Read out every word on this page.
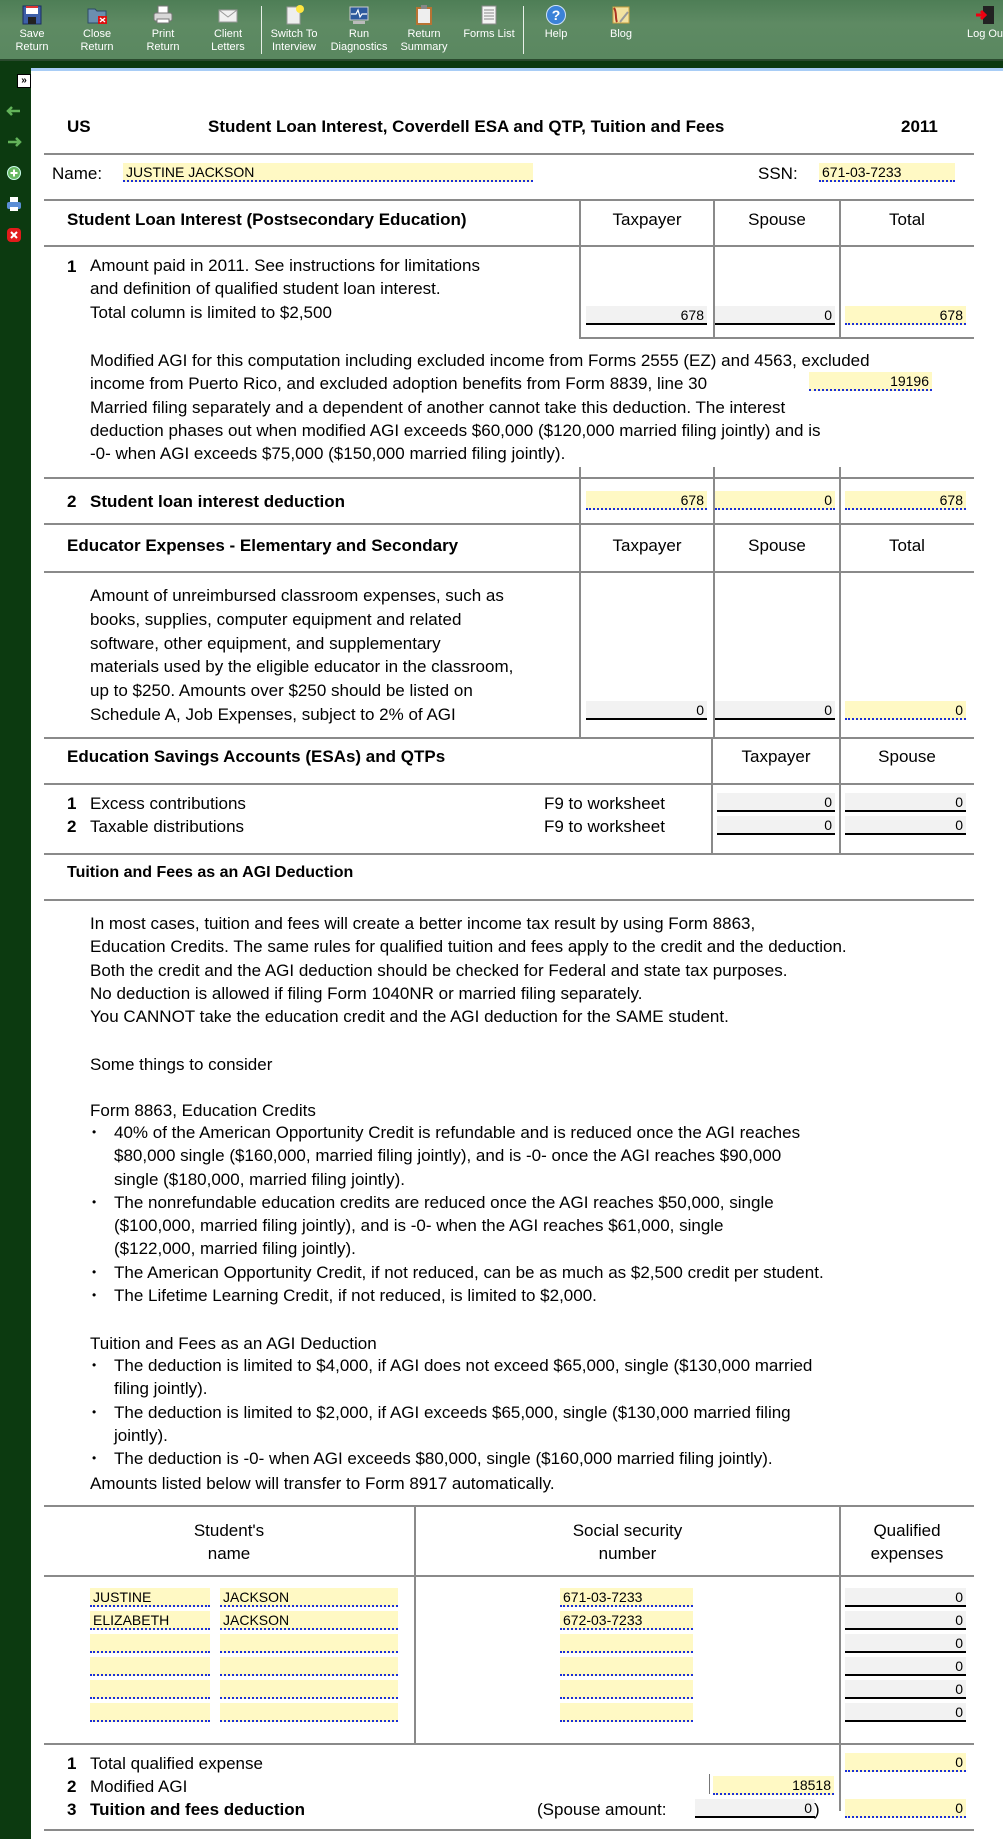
Save
Return
Close
Return
Print
Return
Client
Letters
Switch To
Interview
Run
Diagnostics
Return
Summary
Forms List
?
Help	Blog	Log Ou
»
US	Student Loan Interest, Coverdell ESA and QTP, Tuition and Fees	2011
Name: JUSTINE JACKSON	SSN: 671-03-7233
Student Loan Interest (Postsecondary Education)	Taxpayer	Spouse	Total
1 Amount paid in 2011. See instructions for limitations
and definition of qualified student loan interest.
Total column is limited to $2,500	678	0	678
Modified AGI for this computation including excluded income from Forms 2555 (EZ) and 4563, excluded
income from Puerto Rico, and excluded adoption benefits from Form 8839, line 30
Married filing separately and a dependent of another cannot take this deduction. The interest
deduction phases out when modified AGI exceeds $60,000 ($120,000 married filing jointly) and is
-0- when AGI exceeds $75,000 ($150,000 married filing jointly).
19196
2 Student loan interest deduction	678	0	678
Educator Expenses - Elementary and Secondary	Taxpayer	Spouse	Total
Amount of unreimbursed classroom expenses, such as
books, supplies, computer equipment and related
software, other equipment, and supplementary
materials used by the eligible educator in the classroom,
up to $250. Amounts over $250 should be listed on
Schedule A, Job Expenses, subject to 2% of AGI	0	0	0
Education Savings Accounts (ESAs) and QTPs	Taxpayer	Spouse
1 Excess contributions	F9 to worksheet	0	0
2 Taxable distributions	F9 to worksheet	0	0
Tuition and Fees as an AGI Deduction
In most cases, tuition and fees will create a better income tax result by using Form 8863,
Education Credits. The same rules for qualified tuition and fees apply to the credit and the deduction.
Both the credit and the AGI deduction should be checked for Federal and state tax purposes.
No deduction is allowed if filing Form 1040NR or married filing separately.
You CANNOT take the education credit and the AGI deduction for the SAME student.
Some things to consider
Form 8863, Education Credits
• 40% of the American Opportunity Credit is refundable and is reduced once the AGI reaches
$80,000 single ($160,000, married filing jointly), and is -0- once the AGI reaches $90,000
single ($180,000, married filing jointly).
• The nonrefundable education credits are reduced once the AGI reaches $50,000, single
($100,000, married filing jointly), and is -0- when the AGI reaches $61,000, single
($122,000, married filing jointly).
• The American Opportunity Credit, if not reduced, can be as much as $2,500 credit per student.
• The Lifetime Learning Credit, if not reduced, is limited to $2,000.
Tuition and Fees as an AGI Deduction
• The deduction is limited to $4,000, if AGI does not exceed $65,000, single ($130,000 married
filing jointly).
• The deduction is limited to $2,000, if AGI exceeds $65,000, single ($130,000 married filing
jointly).
• The deduction is -0- when AGI exceeds $80,000, single ($160,000 married filing jointly).
Amounts listed below will transfer to Form 8917 automatically.
Student's
name
Social security
number
Qualified
expenses
JUSTINE	JACKSON	671-03-7233	0
ELIZABETH	JACKSON	672-03-7233	0
0
0
0
0
1 Total qualified expense	0
2 Modified AGI	18518
3 Tuition and fees deduction	(Spouse amount:	0 )	0
